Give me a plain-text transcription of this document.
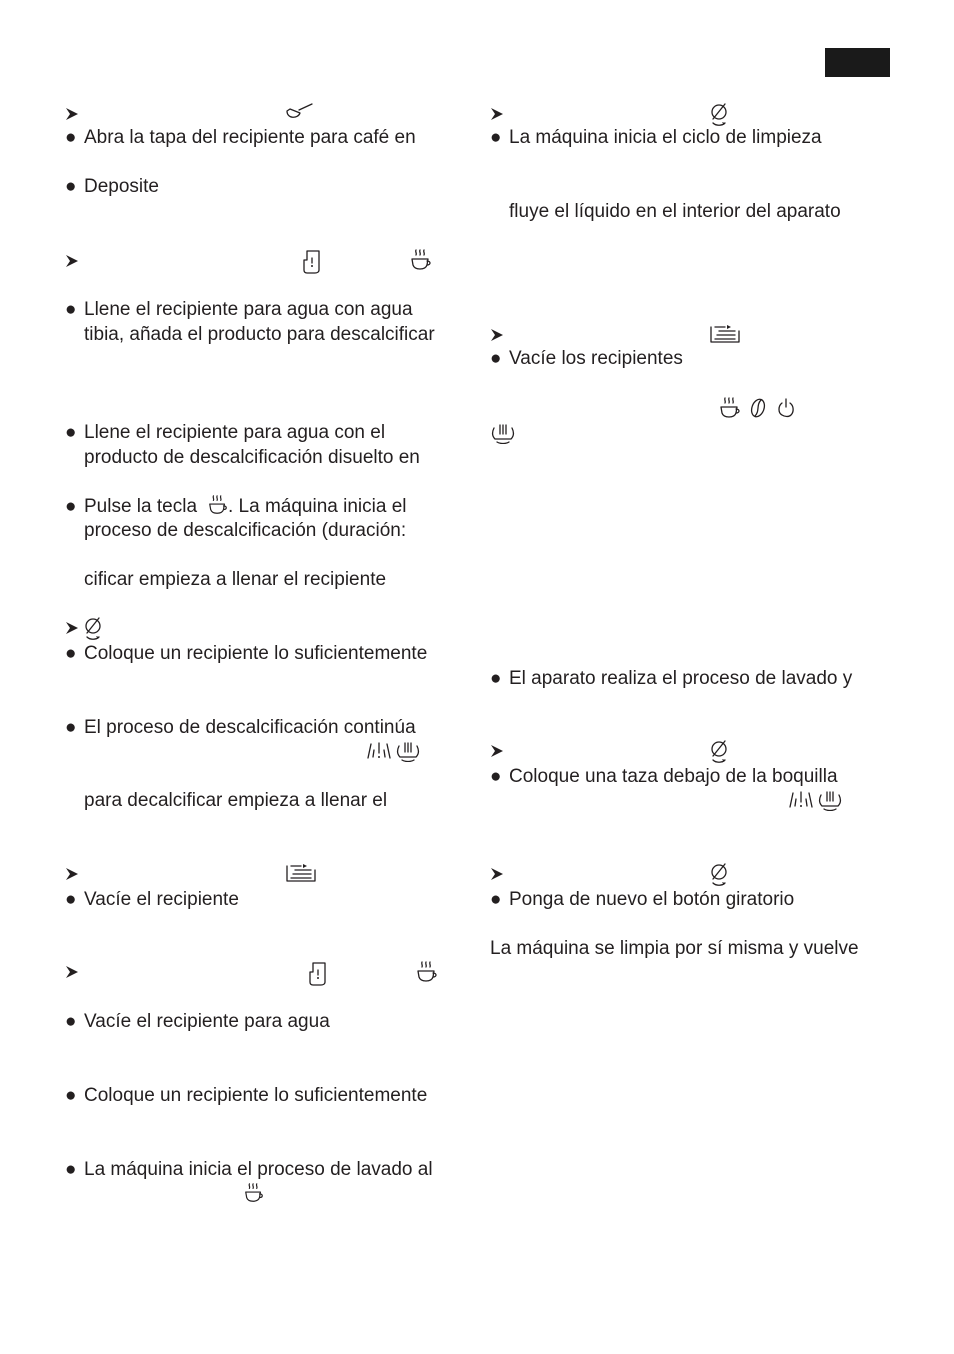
● Abra la tapa del recipiente para café en
● Deposite
● Llene el recipiente para agua con agua
tibia, añada el producto para descalcificar
● Llene el recipiente para agua con el
producto de descalcificación disuelto en
● Pulse la tecla . La máquina inicia el
proceso de descalcificación (duración:
cificar empieza a llenar el recipiente
● Coloque un recipiente lo suficientemente
● El proceso de descalcificación continúa
para decalcificar empieza a llenar el
● Vacíe el recipiente
● Vacíe el recipiente para agua
● Coloque un recipiente lo suficientemente
● La máquina inicia el proceso de lavado al
● La máquina inicia el ciclo de limpieza
fluye el líquido en el interior del aparato
● Vacíe los recipientes
● El aparato realiza el proceso de lavado y
● Coloque una taza debajo de la boquilla
● Ponga de nuevo el botón giratorio
La máquina se limpia por sí misma y vuelve
